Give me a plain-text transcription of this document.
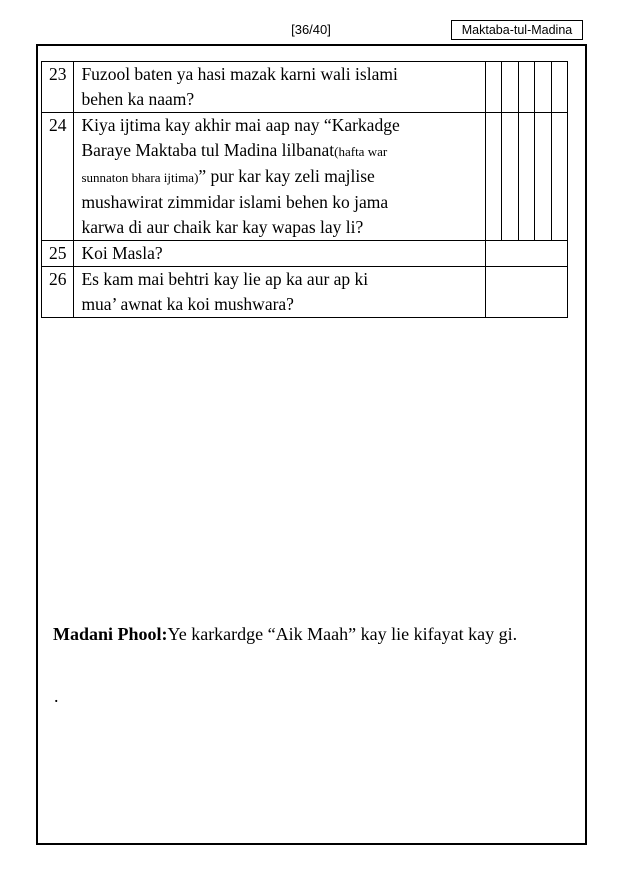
[36/40]	Maktaba-tul-Madina
23	Fuzool baten ya hasi mazak karni wali islami
behen ka naam?					

24	Kiya ijtima kay akhir mai aap nay “Karkadge
Baraye Maktaba tul Madina lilbanat(hafta war
sunnaton bhara ijtima)” pur kar kay zeli majlise
mushawirat zimmidar islami behen ko jama
karwa di aur chaik kar kay wapas lay li?					

25	Koi Masla?					

26	Es kam mai behtri kay lie ap ka aur ap ki
mua’ awnat ka koi mushwara?					

Madani Phool:Ye karkardge “Aik Maah” kay lie kifayat kay gi.
.
